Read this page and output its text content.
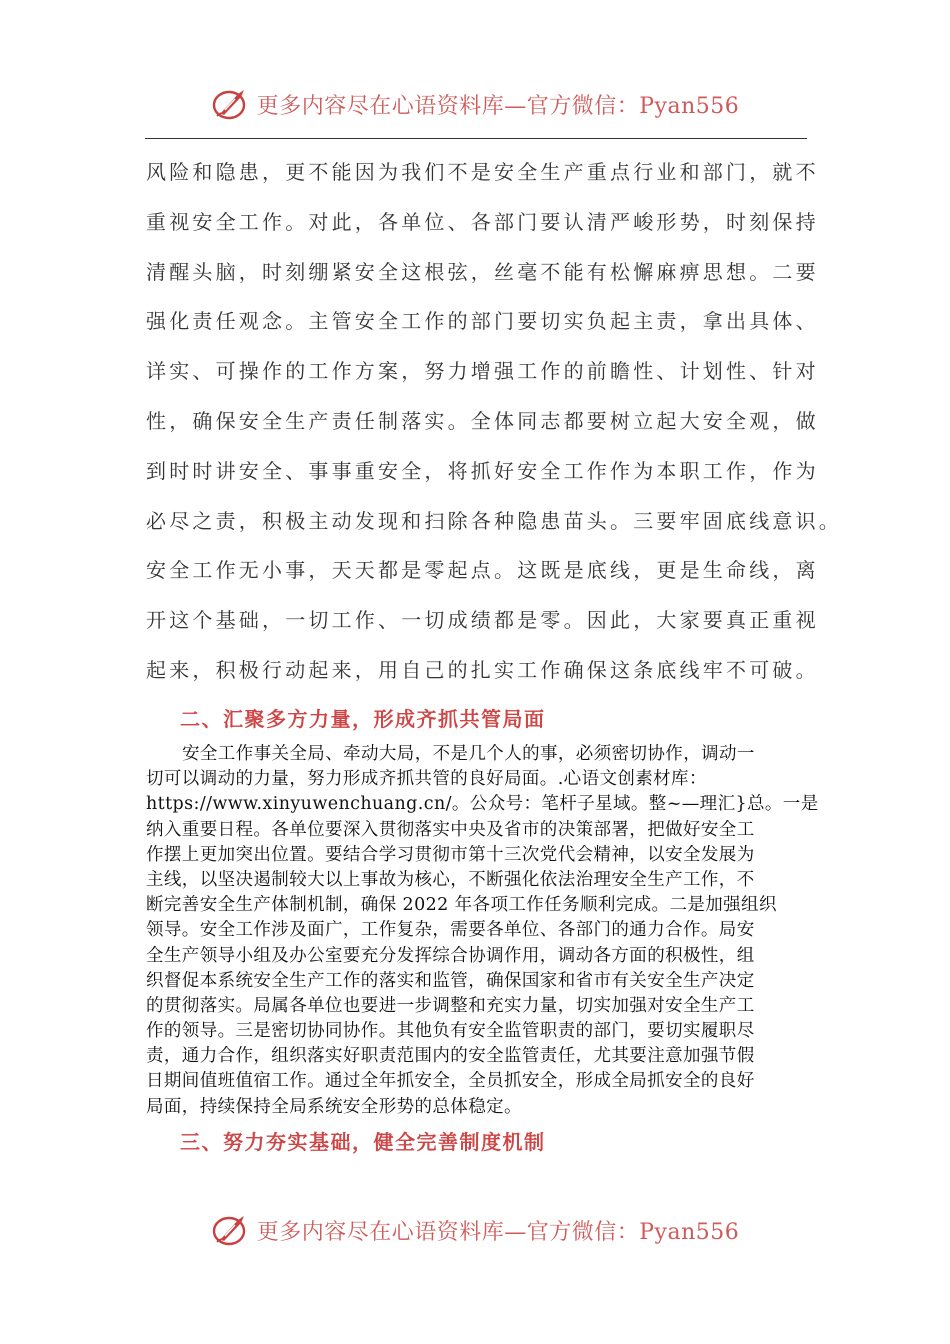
更多内容尽在心语资料库—官方微信：Pyan556
风险和隐患，更不能因为我们不是安全生产重点行业和部门，就不
重视安全工作。对此，各单位、各部门要认清严峻形势，时刻保持
清醒头脑，时刻绷紧安全这根弦，丝毫不能有松懈麻痹思想。二要
强化责任观念。主管安全工作的部门要切实负起主责，拿出具体、
详实、可操作的工作方案，努力增强工作的前瞻性、计划性、针对
性，确保安全生产责任制落实。全体同志都要树立起大安全观，做
到时时讲安全、事事重安全，将抓好安全工作作为本职工作，作为
必尽之责，积极主动发现和扫除各种隐患苗头。三要牢固底线意识。
安全工作无小事，天天都是零起点。这既是底线，更是生命线，离
开这个基础，一切工作、一切成绩都是零。因此，大家要真正重视
起来，积极行动起来，用自己的扎实工作确保这条底线牢不可破。
二、汇聚多方力量，形成齐抓共管局面
安全工作事关全局、牵动大局，不是几个人的事，必须密切协作，调动一
切可以调动的力量，努力形成齐抓共管的良好局面。.心语文创素材库：
https://www.xinyuwenchuang.cn/。公众号：笔杆子星域。整~—理汇}总。一是
纳入重要日程。各单位要深入贯彻落实中央及省市的决策部署，把做好安全工
作摆上更加突出位置。要结合学习贯彻市第十三次党代会精神，以安全发展为
主线，以坚决遏制较大以上事故为核心，不断强化依法治理安全生产工作，不
断完善安全生产体制机制，确保 2022 年各项工作任务顺利完成。二是加强组织
领导。安全工作涉及面广，工作复杂，需要各单位、各部门的通力合作。局安
全生产领导小组及办公室要充分发挥综合协调作用，调动各方面的积极性，组
织督促本系统安全生产工作的落实和监管，确保国家和省市有关安全生产决定
的贯彻落实。局属各单位也要进一步调整和充实力量，切实加强对安全生产工
作的领导。三是密切协同协作。其他负有安全监管职责的部门，要切实履职尽
责，通力合作，组织落实好职责范围内的安全监管责任，尤其要注意加强节假
日期间值班值宿工作。通过全年抓安全，全员抓安全，形成全局抓安全的良好
局面，持续保持全局系统安全形势的总体稳定。
三、努力夯实基础，健全完善制度机制
更多内容尽在心语资料库—官方微信：Pyan556
